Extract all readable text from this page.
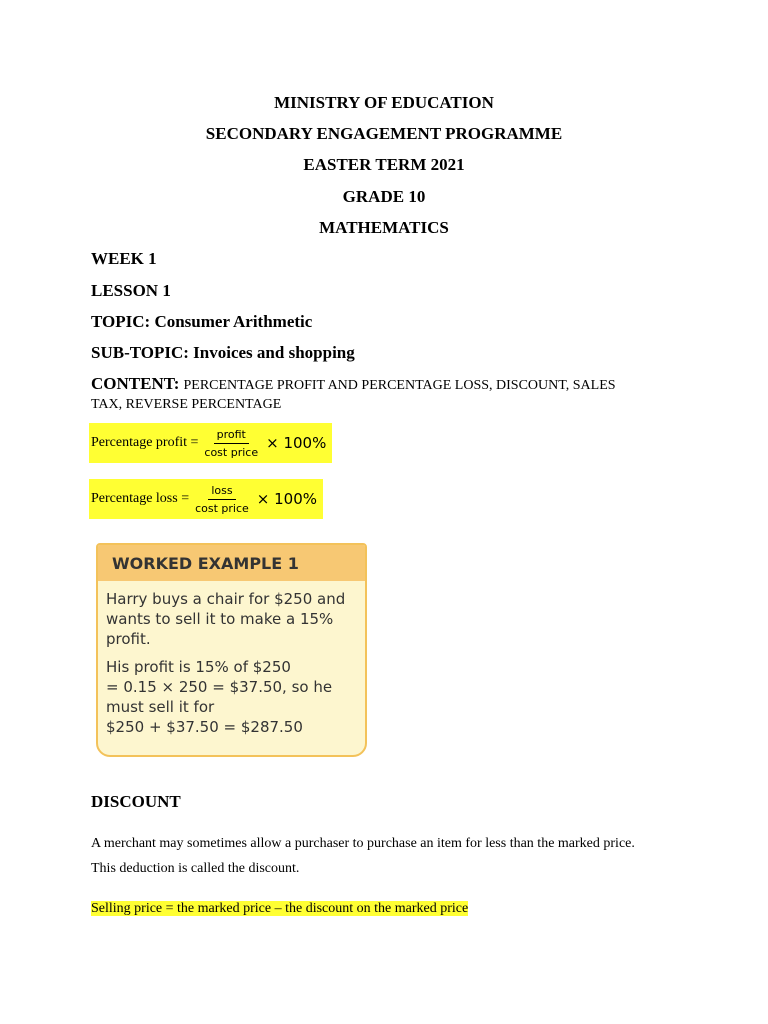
MINISTRY OF EDUCATION
SECONDARY ENGAGEMENT PROGRAMME
EASTER TERM 2021
GRADE 10
MATHEMATICS
WEEK 1
LESSON 1
TOPIC: Consumer Arithmetic
SUB-TOPIC: Invoices and shopping
CONTENT: PERCENTAGE PROFIT AND PERCENTAGE LOSS, DISCOUNT, SALES
TAX, REVERSE PERCENTAGE
Percentage profit = $\frac{\text{profit}}{\text{cost price}} \times 100\%$
Percentage loss = $\frac{\text{loss}}{\text{cost price}} \times 100\%$
WORKED EXAMPLE 1

Harry buys a chair for $250 and
wants to sell it to make a 15%
profit.

His profit is 15% of $250
= 0.15 × 250 = $37.50, so he
must sell it for
$250 + $37.50 = $287.50

DISCOUNT
A merchant may sometimes allow a purchaser to purchase an item for less than the marked price.
This deduction is called the discount.
Selling price = the marked price – the discount on the marked price
